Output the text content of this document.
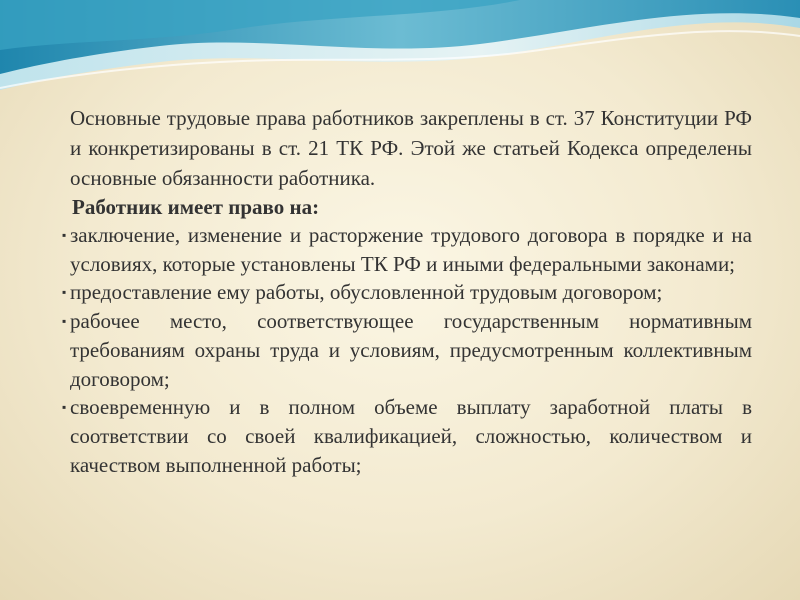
Основные трудовые права работников закреплены в ст. 37 Конституции РФ и конкретизированы в ст. 21 ТК РФ. Этой же статьей Кодекса определены основные обязанности работника.

Работник имеет право на:

▪ заключение, изменение и расторжение трудового договора в порядке и на условиях, которые установлены ТК РФ и иными федеральными законами;
▪ предоставление ему работы, обусловленной трудовым договором;
▪ рабочее место, соответствующее государственным нормативным требованиям охраны труда и условиям, предусмотренным коллективным договором;
▪ своевременную и в полном объеме выплату заработной платы в соответствии со своей квалификацией, сложностью, количеством и качеством выполненной работы;
